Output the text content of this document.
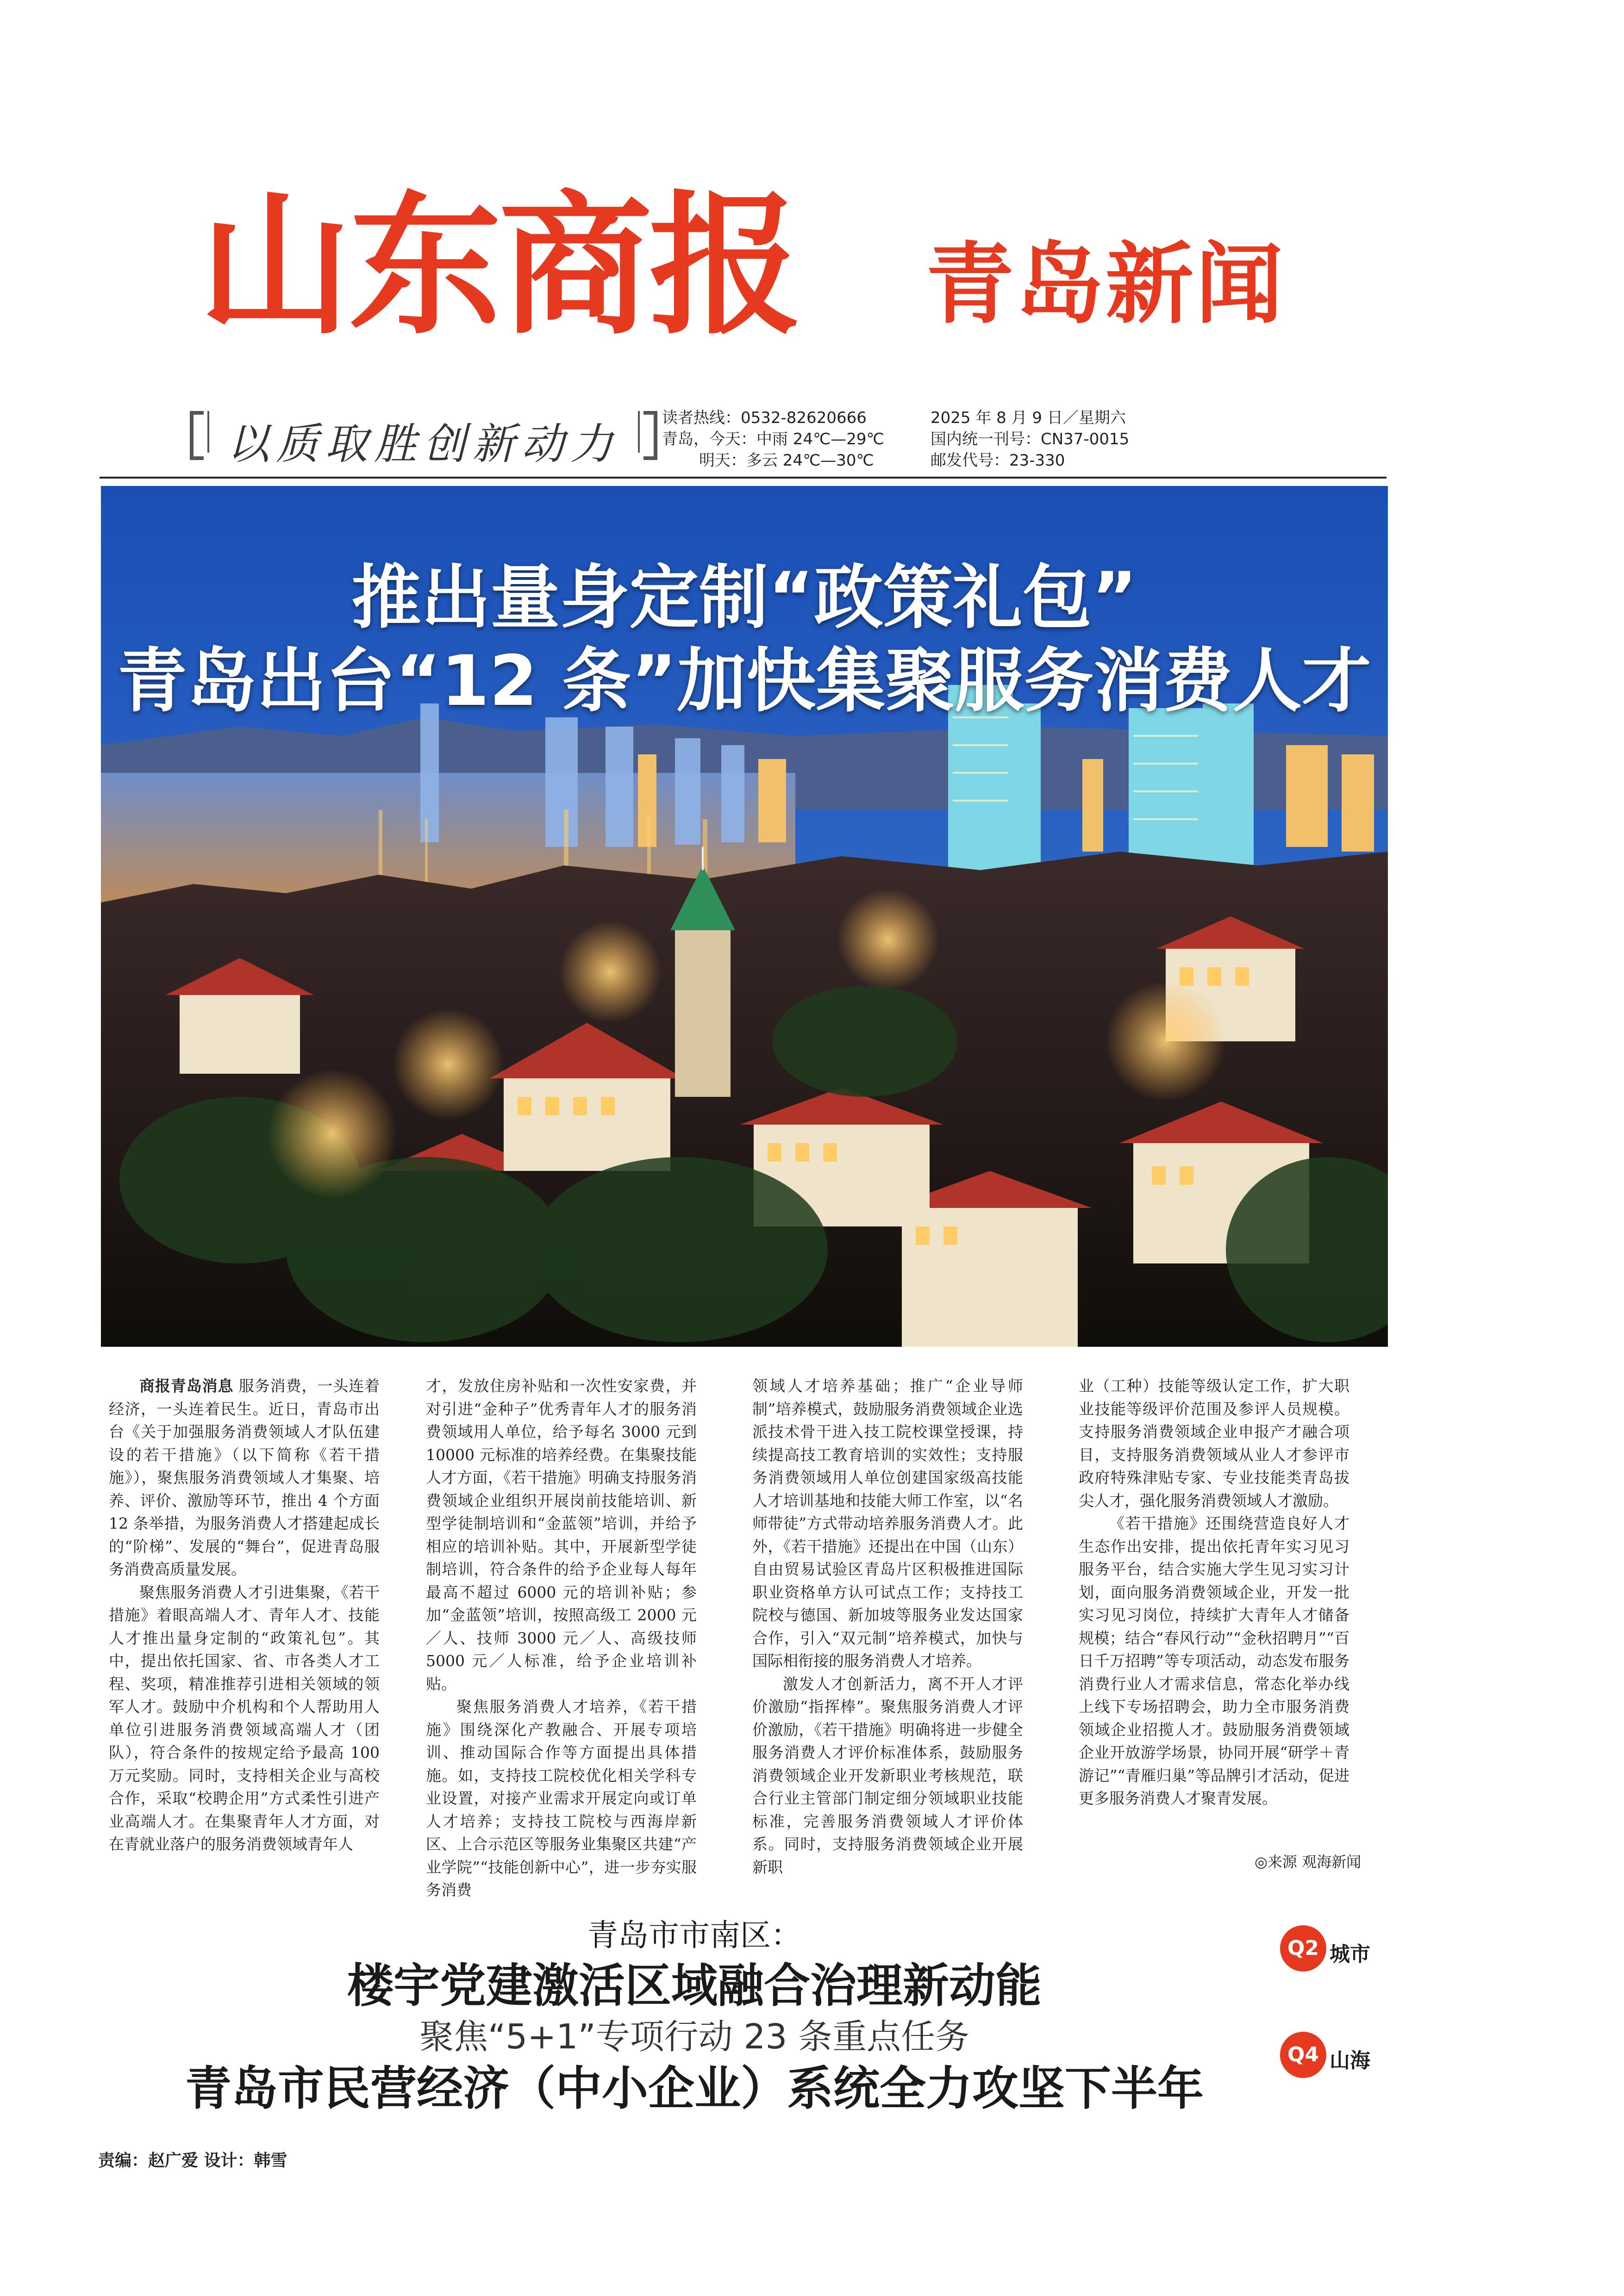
山东商报 青岛新闻
以质取胜创新动力
读者热线：0532-82620666
青岛，今天：中雨 24℃—29℃
明天：多云 24℃—30℃
2025 年 8 月 9 日／星期六
国内统一刊号：CN37-0015
邮发代号：23-330
推出量身定制“政策礼包”
青岛出台“12 条”加快集聚服务消费人才

商报青岛消息 服务消费，一头连着经济，一头连着民生。近日，青岛市出台《关于加强服务消费领域人才队伍建设的若干措施》（以下简称《若干措施》），聚焦服务消费领域人才集聚、培养、评价、激励等环节，推出 4 个方面 12 条举措，为服务消费人才搭建起成长的“阶梯”、发展的“舞台”，促进青岛服务消费高质量发展。

聚焦服务消费人才引进集聚，《若干措施》着眼高端人才、青年人才、技能人才推出量身定制的“政策礼包”。其中，提出依托国家、省、市各类人才工程、奖项，精准推荐引进相关领域的领军人才。鼓励中介机构和个人帮助用人单位引进服务消费领域高端人才（团队），符合条件的按规定给予最高 100 万元奖励。同时，支持相关企业与高校合作，采取“校聘企用”方式柔性引进产业高端人才。在集聚青年人才方面，对在青就业落户的服务消费领域青年人

才，发放住房补贴和一次性安家费，并对引进“金种子”优秀青年人才的服务消费领域用人单位，给予每名 3000 元到 10000 元标准的培养经费。在集聚技能人才方面，《若干措施》明确支持服务消费领域企业组织开展岗前技能培训、新型学徒制培训和“金蓝领”培训，并给予相应的培训补贴。其中，开展新型学徒制培训，符合条件的给予企业每人每年最高不超过 6000 元的培训补贴；参加“金蓝领”培训，按照高级工 2000 元／人、技师 3000 元／人、高级技师 5000 元／人标准，给予企业培训补贴。

聚焦服务消费人才培养，《若干措施》围绕深化产教融合、开展专项培训、推动国际合作等方面提出具体措施。如，支持技工院校优化相关学科专业设置，对接产业需求开展定向或订单人才培养；支持技工院校与西海岸新区、上合示范区等服务业集聚区共建“产业学院”“技能创新中心”，进一步夯实服务消费

领域人才培养基础；推广“企业导师制”培养模式，鼓励服务消费领域企业选派技术骨干进入技工院校课堂授课，持续提高技工教育培训的实效性；支持服务消费领域用人单位创建国家级高技能人才培训基地和技能大师工作室，以“名师带徒”方式带动培养服务消费人才。此外，《若干措施》还提出在中国（山东）自由贸易试验区青岛片区积极推进国际职业资格单方认可试点工作；支持技工院校与德国、新加坡等服务业发达国家合作，引入“双元制”培养模式，加快与国际相衔接的服务消费人才培养。

激发人才创新活力，离不开人才评价激励“指挥棒”。聚焦服务消费人才评价激励，《若干措施》明确将进一步健全服务消费人才评价标准体系，鼓励服务消费领域企业开发新职业考核规范，联合行业主管部门制定细分领域职业技能标准，完善服务消费领域人才评价体系。同时，支持服务消费领域企业开展新职

业（工种）技能等级认定工作，扩大职业技能等级评价范围及参评人员规模。支持服务消费领域企业申报产才融合项目，支持服务消费领域从业人才参评市政府特殊津贴专家、专业技能类青岛拔尖人才，强化服务消费领域人才激励。

《若干措施》还围绕营造良好人才生态作出安排，提出依托青年实习见习服务平台，结合实施大学生见习实习计划，面向服务消费领域企业，开发一批实习见习岗位，持续扩大青年人才储备规模；结合“春风行动”“金秋招聘月”“百日千万招聘”等专项活动，动态发布服务消费行业人才需求信息，常态化举办线上线下专场招聘会，助力全市服务消费领域企业招揽人才。鼓励服务消费领域企业开放游学场景，协同开展“研学＋青游记”“青雁归巢”等品牌引才活动，促进更多服务消费人才聚青发展。

◎来源 观海新闻
青岛市市南区：
楼宇党建激活区域融合治理新动能
Q2 城市
聚焦“5+1”专项行动 23 条重点任务
青岛市民营经济（中小企业）系统全力攻坚下半年
Q4 山海
责编：赵广爱 设计：韩雪
